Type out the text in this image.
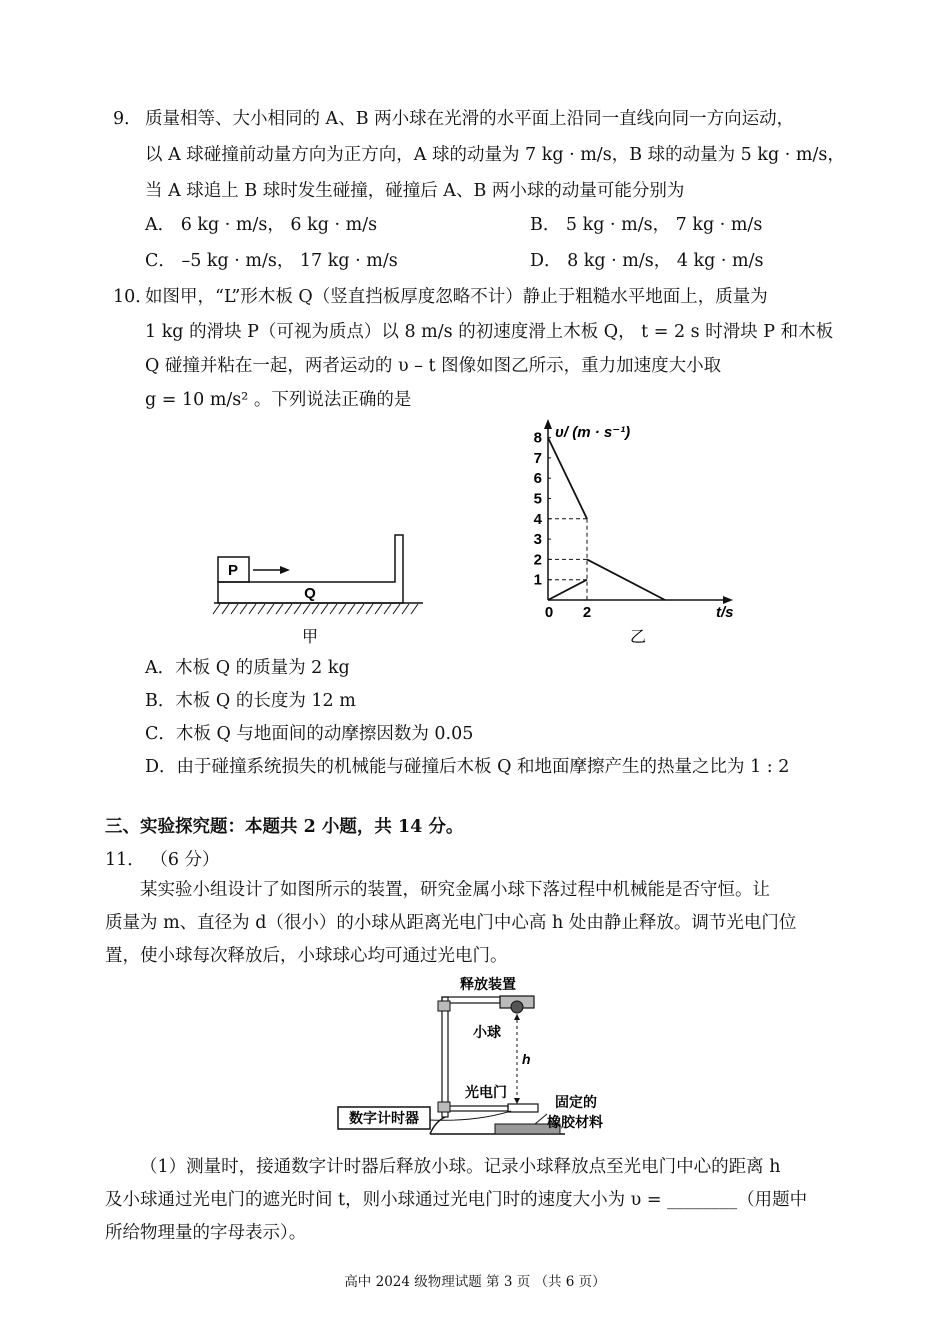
9． 质量相等、大小相同的 A、B 两小球在光滑的水平面上沿同一直线向同一方向运动，
以 A 球碰撞前动量方向为正方向，A 球的动量为 7 kg · m/s，B 球的动量为 5 kg · m/s，
当 A 球追上 B 球时发生碰撞，碰撞后 A、B 两小球的动量可能分别为
A． 6 kg · m/s， 6 kg · m/s	B． 5 kg · m/s， 7 kg · m/s
C． –5 kg · m/s， 17 kg · m/s	D． 8 kg · m/s， 4 kg · m/s
10．
如图甲，“L”形木板 Q（竖直挡板厚度忽略不计）静止于粗糙水平地面上，质量为
1 kg 的滑块 P（可视为质点）以 8 m/s 的初速度滑上木板 Q， t = 2 s 时滑块 P 和木板
Q 碰撞并粘在一起，两者运动的 υ – t 图像如图乙所示，重力加速度大小取
g = 10 m/s² 。下列说法正确的是
P
Q
甲
υ/ (m · s⁻¹)
t/s
0 2
8
7
6
5
4
3
2
1
乙
A．木板 Q 的质量为 2 kg
B．木板 Q 的长度为 12 m
C．木板 Q 与地面间的动摩擦因数为 0.05
D．由于碰撞系统损失的机械能与碰撞后木板 Q 和地面摩擦产生的热量之比为 1 : 2
三、实验探究题：本题共 2 小题，共 14 分。
11． （6 分）
某实验小组设计了如图所示的装置，研究金属小球下落过程中机械能是否守恒。让
质量为 m、直径为 d（很小）的小球从距离光电门中心高 h 处由静止释放。调节光电门位
置，使小球每次释放后，小球球心均可通过光电门。
h
释放装置
小球
光电门
固定的
橡胶材料
数字计时器
（1）测量时，接通数字计时器后释放小球。记录小球释放点至光电门中心的距离 h
及小球通过光电门的遮光时间 t，则小球通过光电门时的速度大小为 υ = ________（用题中
所给物理量的字母表示）。
高中 2024 级物理试题 第 3 页 （共 6 页）
